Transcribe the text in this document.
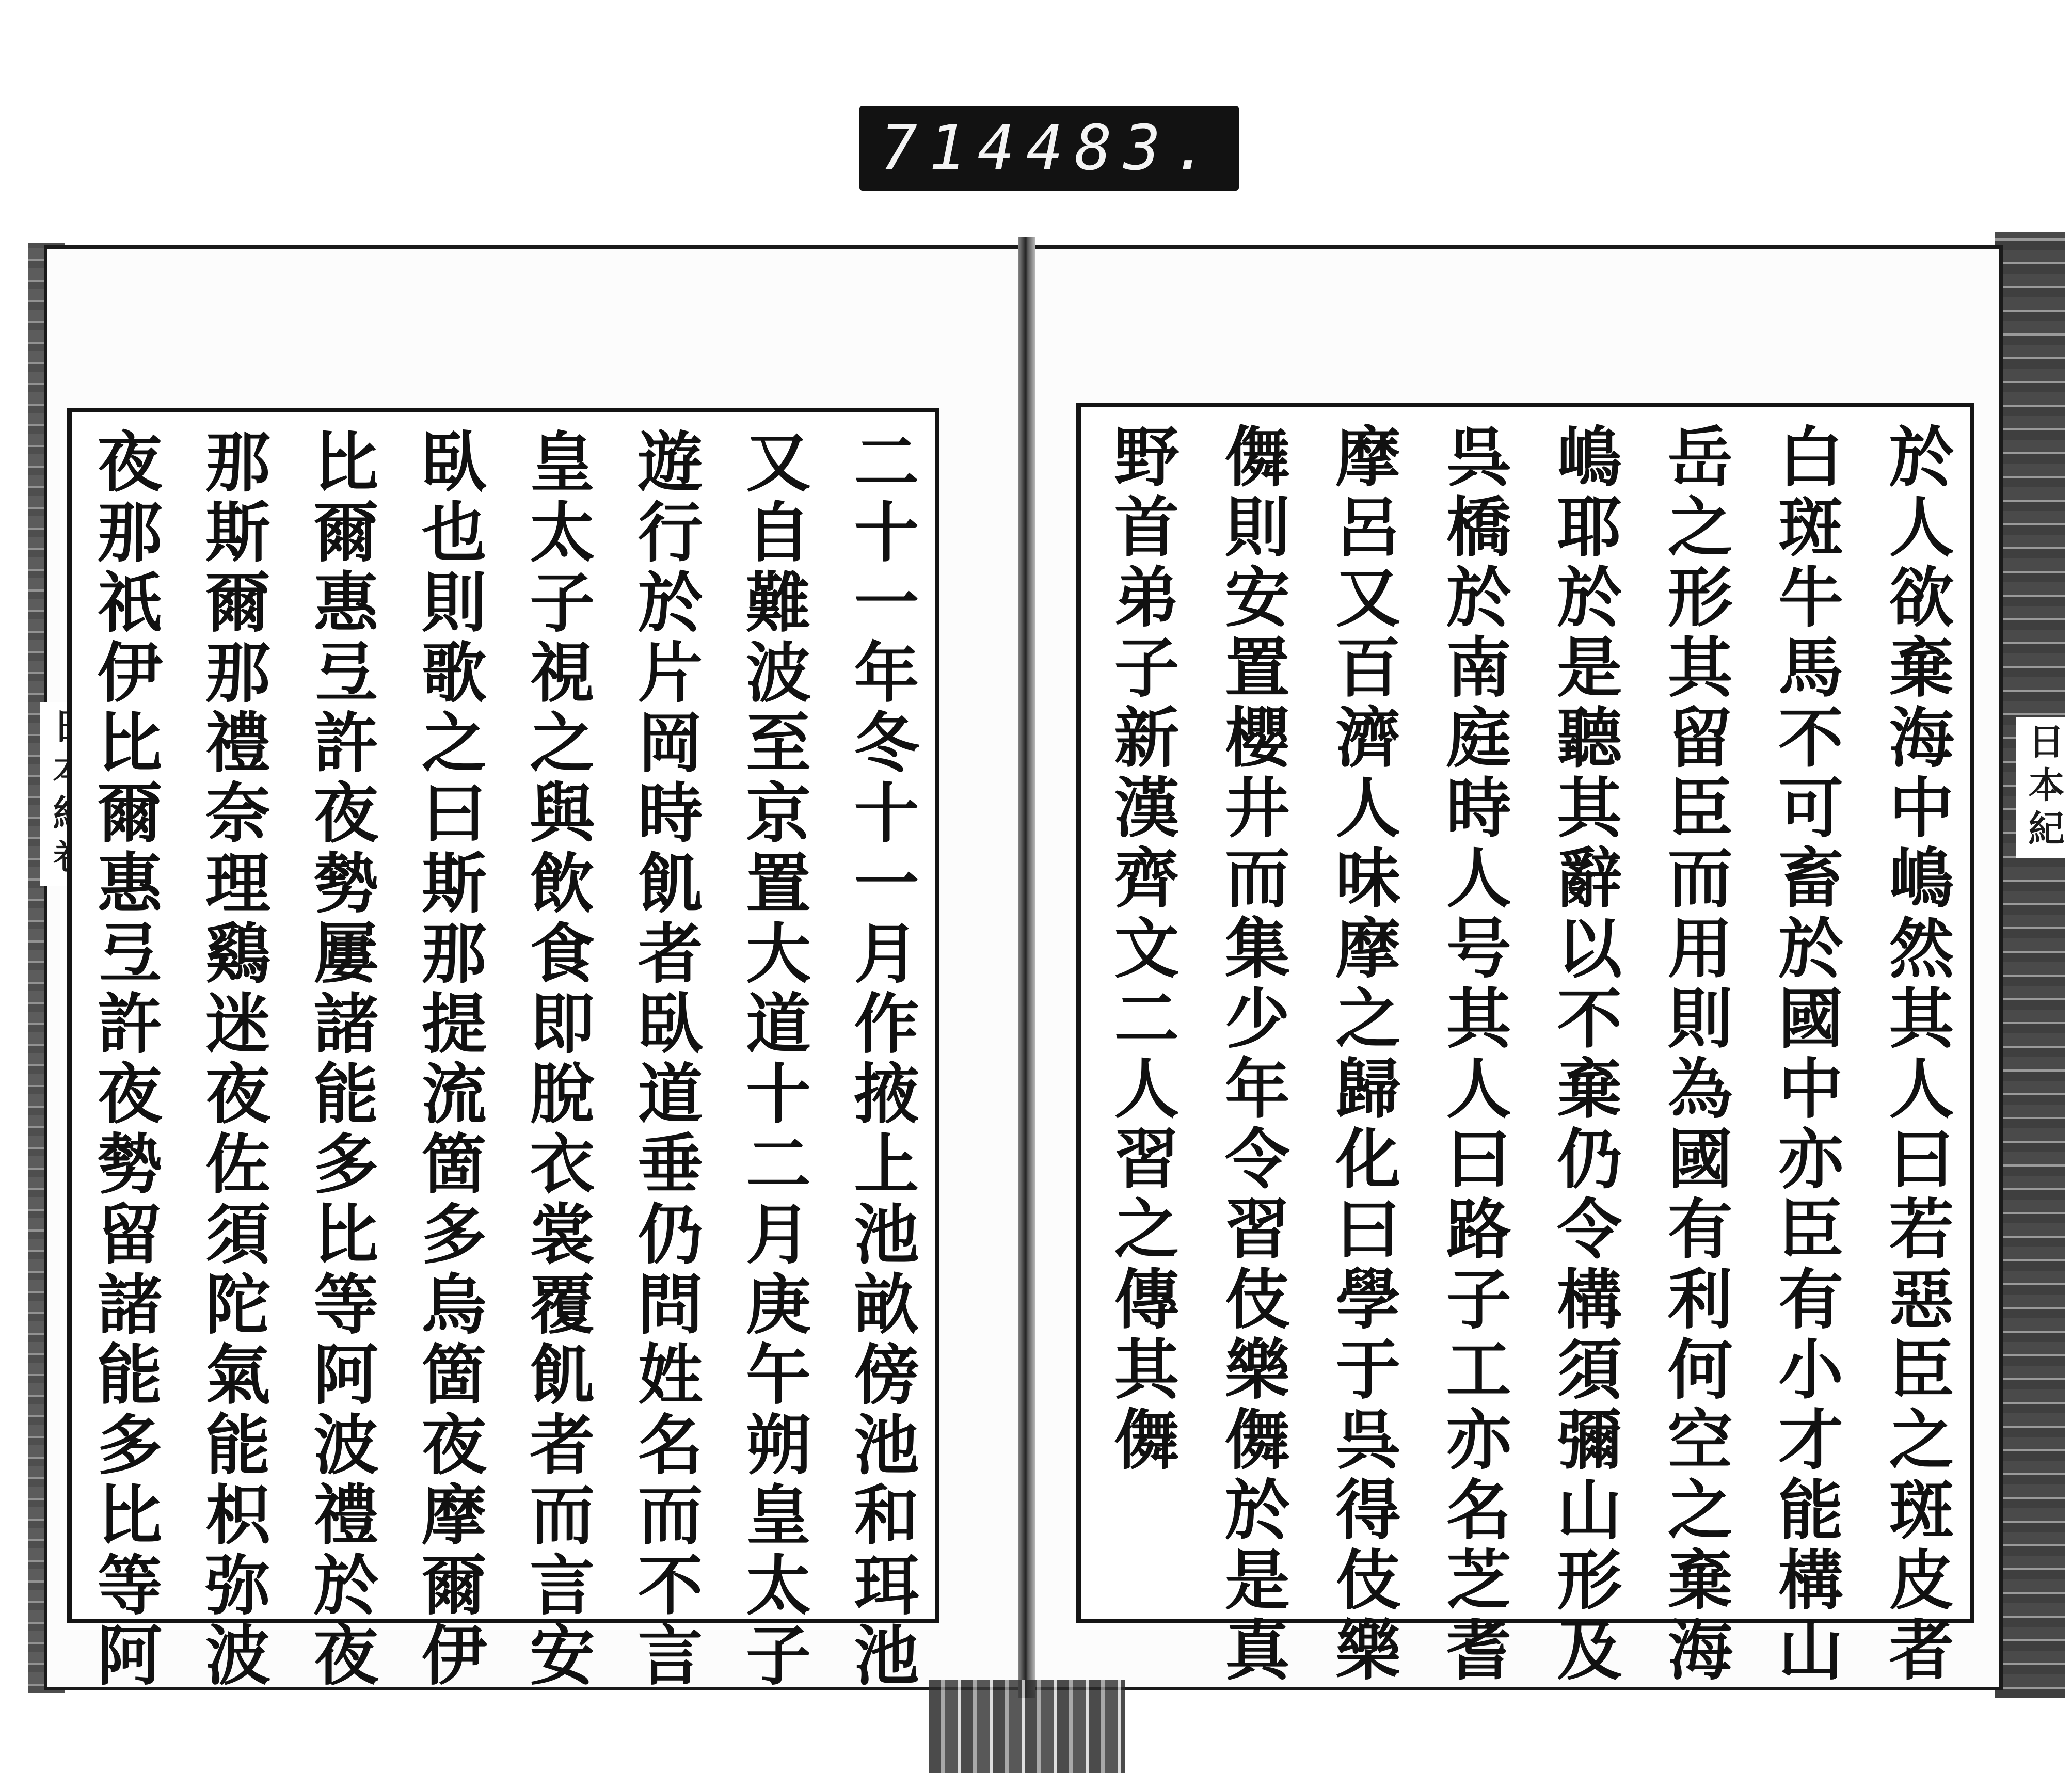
714 483.
日本紀
二十一年冬十一月作掖上池畝傍池和珥池
又自難波至京置大道十二月庚午朔皇太子
遊行於片岡時飢者臥道垂仍問姓名而不言
皇太子視之與飲食即脫衣裳覆飢者而言安
臥也則歌之曰斯那提流箇多烏箇夜摩爾伊
比爾惠弖許夜勢屢諸能多比等阿波禮於夜
那斯爾那禮奈理鷄迷夜佐須陀氣能枳弥波
夜那祇伊比爾惠弖許夜勢留諸能多比等阿	於人欲棄海中嶋然其人曰若惡臣之斑皮者
白斑牛馬不可畜於國中亦臣有小才能構山
岳之形其留臣而用則為國有利何空之棄海
嶋耶於是聽其辭以不棄仍令構須彌山形及
呉橋於南庭時人号其人曰路子工亦名芝耆
摩呂又百濟人味摩之歸化曰學于呉得伎樂
儛則安置櫻井而集少年令習伎樂儛於是真
野首弟子新漢齊文二人習之傳其儛
